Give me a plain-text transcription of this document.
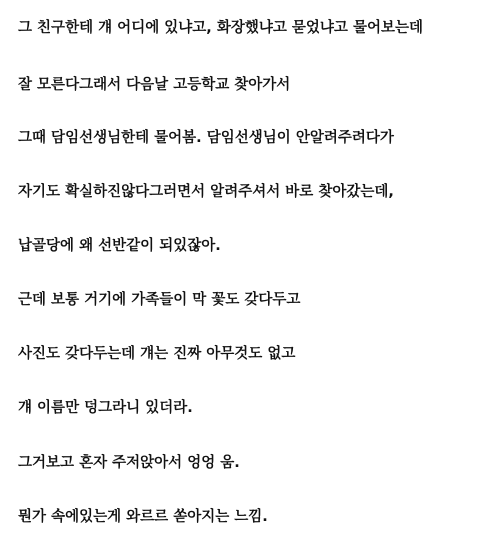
그 친구한테 걔 어디에 있냐고, 화장했냐고 묻었냐고 물어보는데

잘 모른다그래서 다음날 고등학교 찾아가서

그때 담임선생님한테 물어봄. 담임선생님이 안알려주려다가

자기도 확실하진않다그러면서 알려주셔서 바로 찾아갔는데,

납골당에 왜 선반같이 되있잖아.

근데 보통 거기에 가족들이 막 꽃도 갖다두고

사진도 갖다두는데 걔는 진짜 아무것도 없고

걔 이름만 덩그라니 있더라.

그거보고 혼자 주저앉아서 엉엉 움.

뭔가 속에있는게 와르르 쏟아지는 느낌.
